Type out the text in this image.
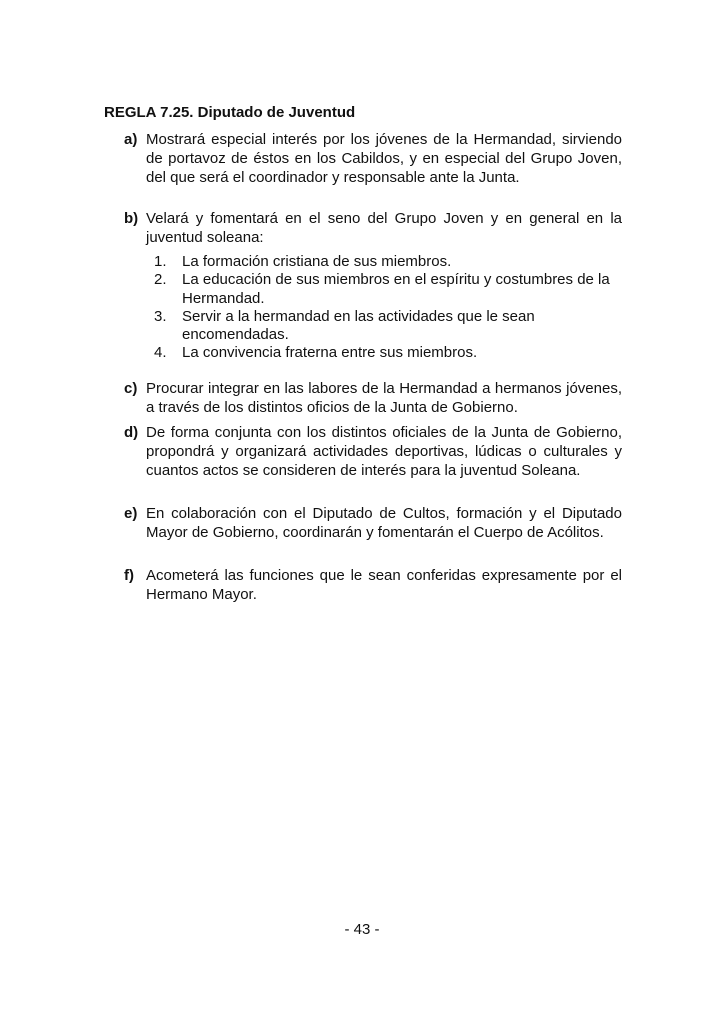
REGLA 7.25. Diputado de Juventud
a) Mostrará especial interés por los jóvenes de la Hermandad, sirviendo de portavoz de éstos en los Cabildos, y en especial del Grupo Joven, del que será el coordinador y responsable ante la Junta.
b) Velará y fomentará en el seno del Grupo Joven y en general en la juventud soleana:
1. La formación cristiana de sus miembros.
2. La educación de sus miembros en el espíritu y costumbres de la Hermandad.
3. Servir a la hermandad en las actividades que le sean encomendadas.
4. La convivencia fraterna entre sus miembros.
c) Procurar integrar en las labores de la Hermandad a hermanos jóvenes, a través de los distintos oficios de la Junta de Gobierno.
d) De forma conjunta con los distintos oficiales de la Junta de Gobierno, propondrá y organizará actividades deportivas, lúdicas o culturales y cuantos actos se consideren de interés para la juventud Soleana.
e) En colaboración con el Diputado de Cultos, formación y el Diputado Mayor de Gobierno, coordinarán y fomentarán el Cuerpo de Acólitos.
f) Acometerá las funciones que le sean conferidas expresamente por el Hermano Mayor.
- 43 -
